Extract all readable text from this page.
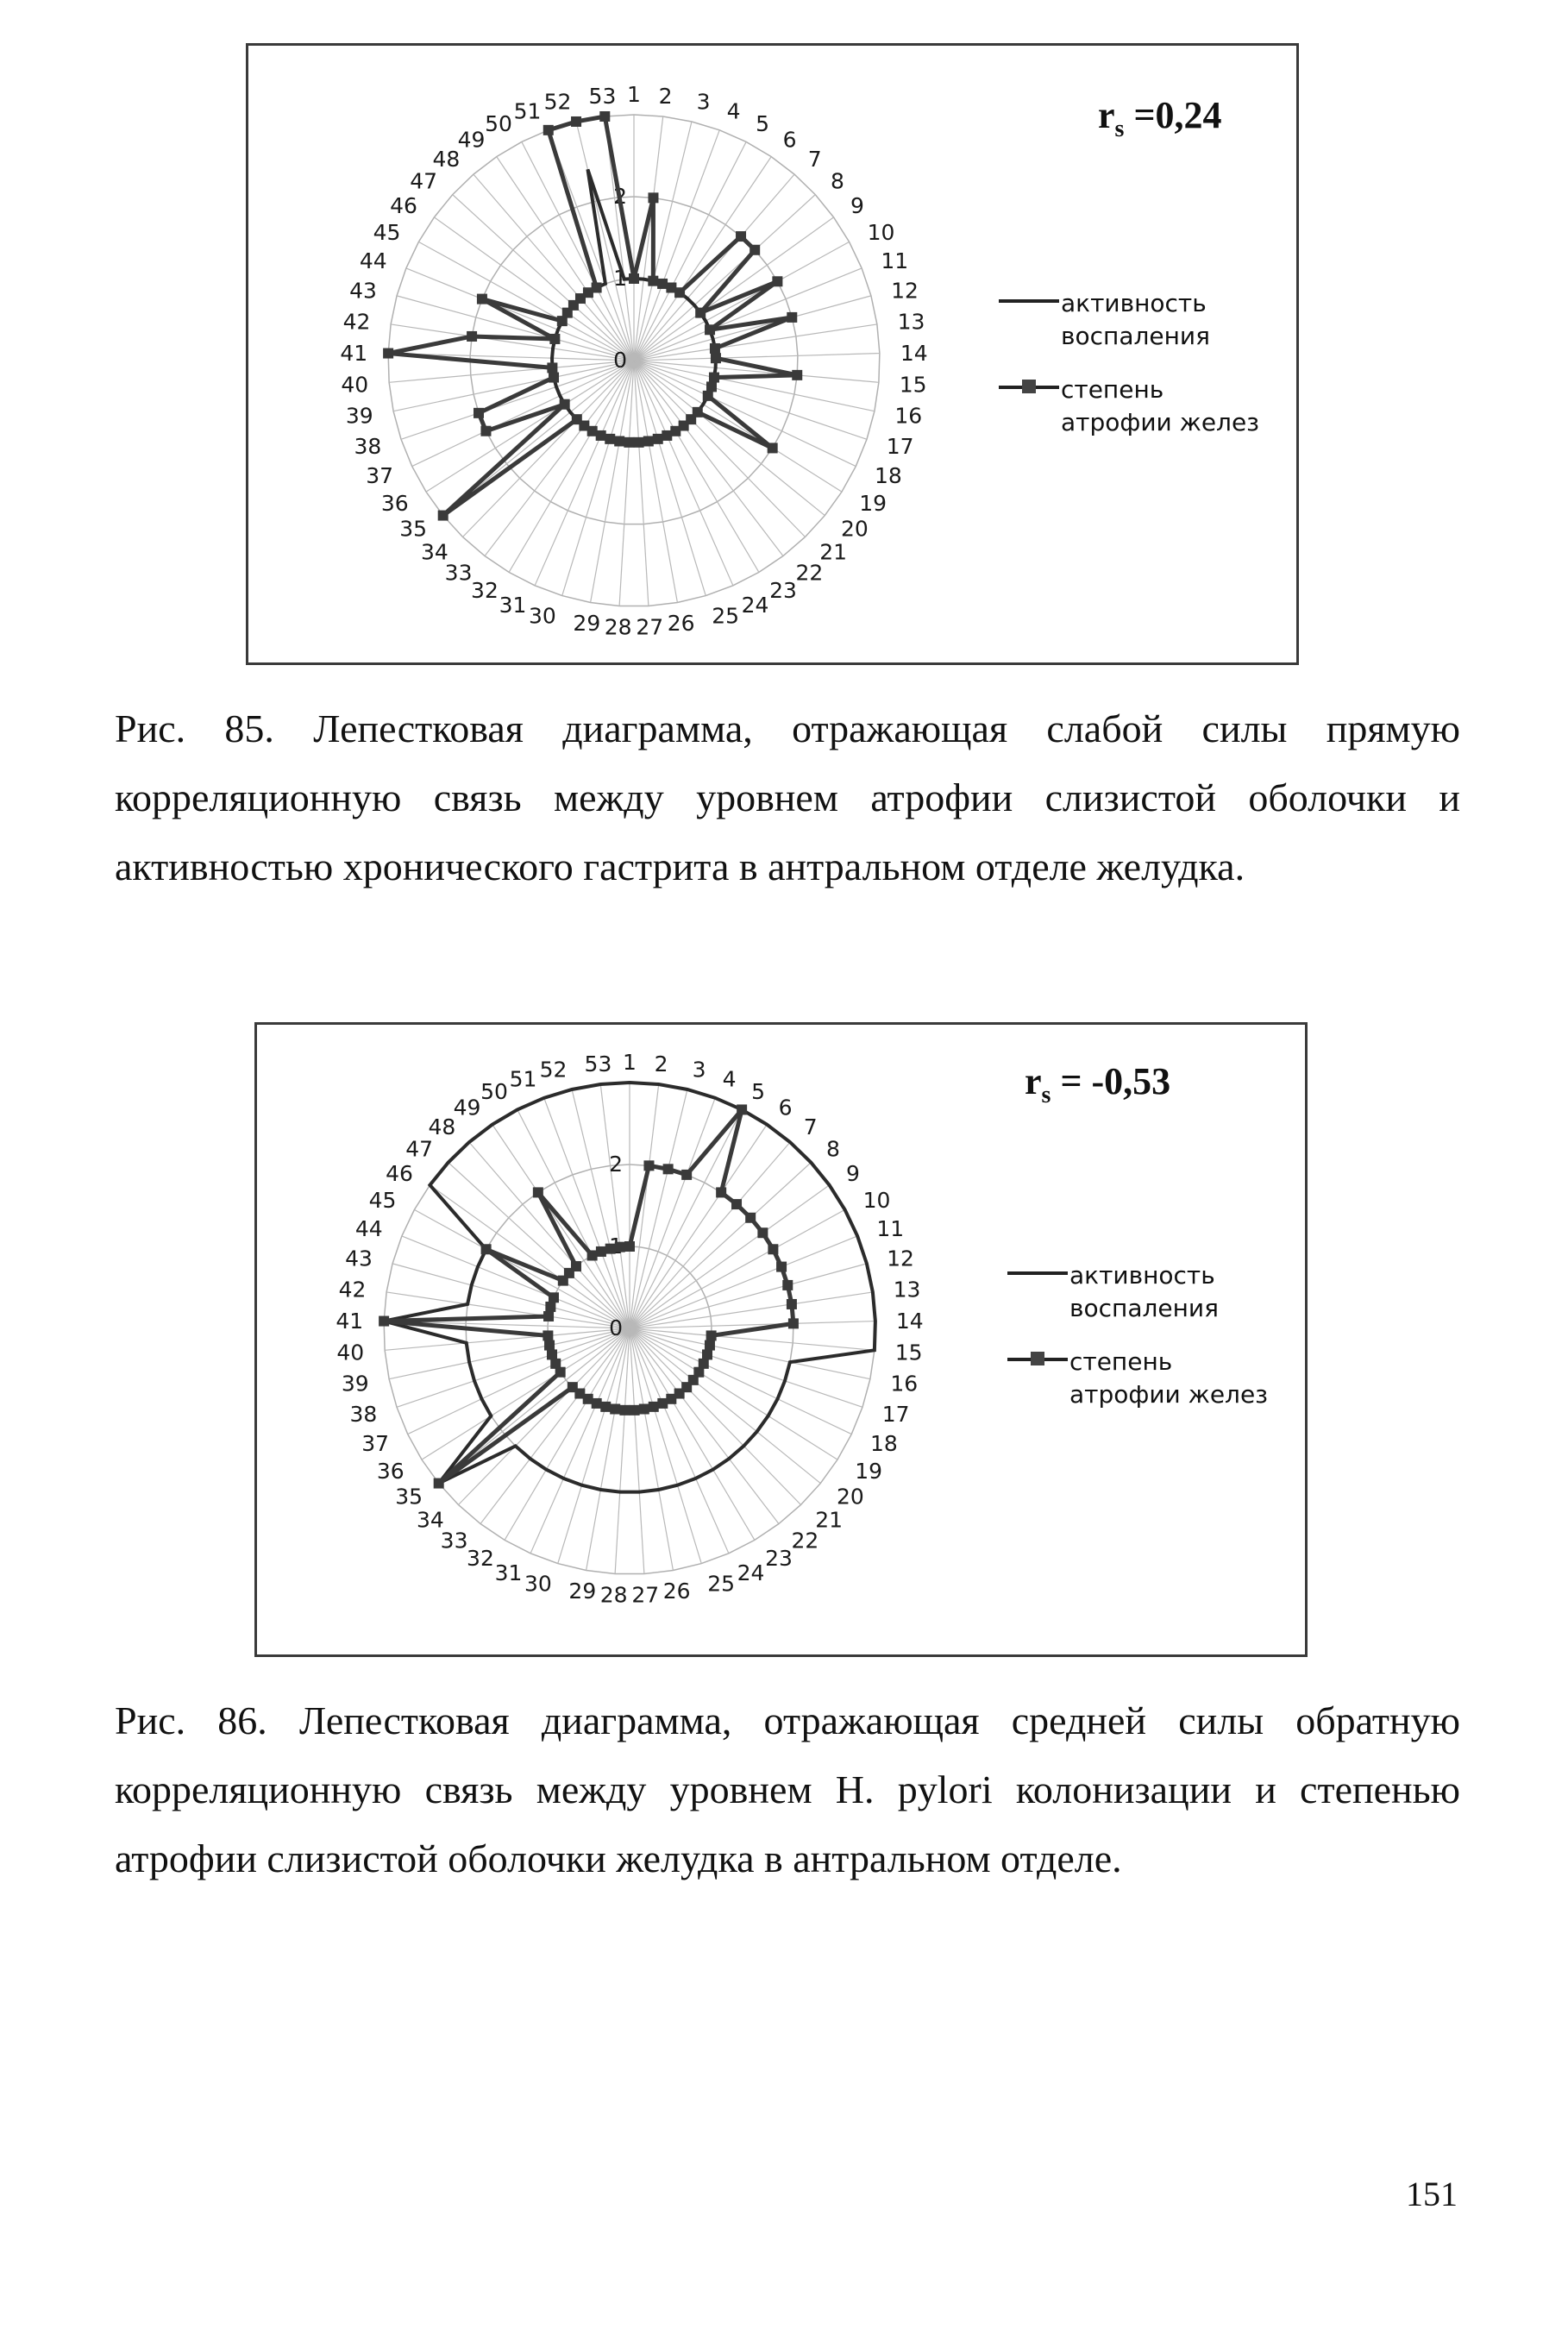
0
1
2
1 2 3 4
5
6
7
8
9
10
11
12
13
14
15
16
17
18
19
20
21
22
23
24
25
26
27
28
29
30
31
32
33
34
35
36
37
38
39
40
41
42
43
44
45
46
47
48
49
50
51 52 53	$r_s =0,24$
активность воспаления
степень атрофии желез
Рис. 85. Лепестковая диаграмма, отражающая слабой силы прямую корреляционную связь между уровнем атрофии слизистой оболочки и активностью хронического гастрита в антральном отделе желудка.
0
2
1 2 3 4
5
6
7
8
9
10
11
12
13
14
15
16
17
18
19
20
21
22
23
24
25
26
27
28
29
30
31
32
33
34
35
36
37
38
39
40
41
42
43
44
45
46
47
48
49
50
51 52 53	$r_s = -0,53$
активность воспаления
степень атрофии желез
Рис. 86. Лепестковая диаграмма, отражающая средней силы обратную корреляционную связь между уровнем H. pylori колонизации и степенью атрофии слизистой оболочки желудка в антральном отделе.
151
